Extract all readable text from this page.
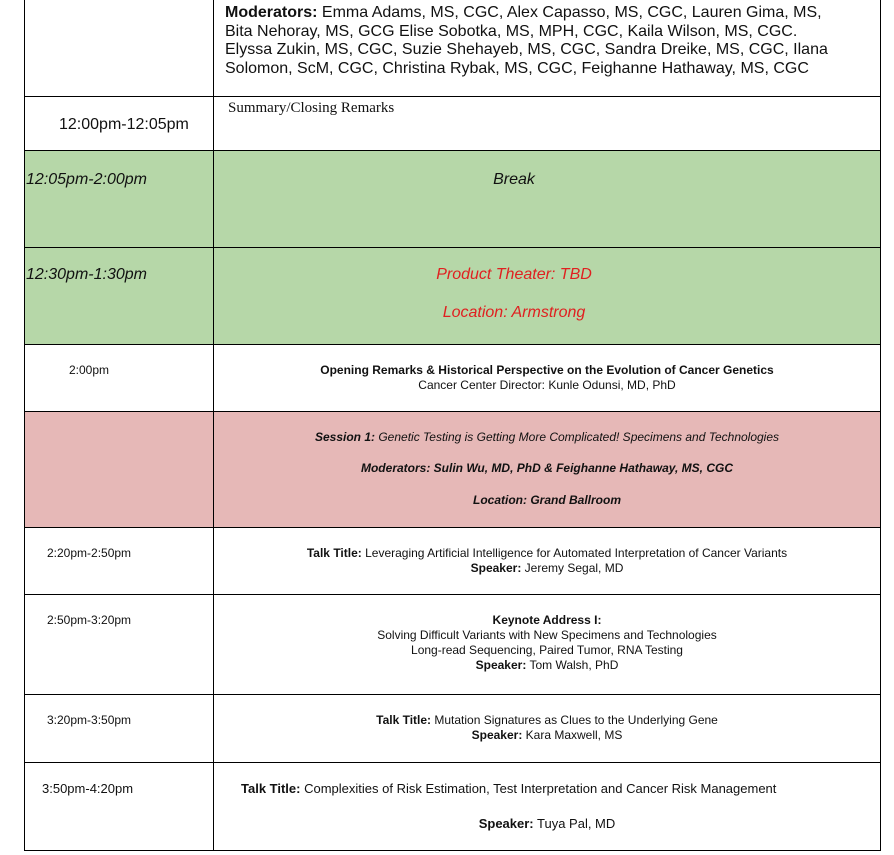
	Moderators: Emma Adams, MS, CGC, Alex Capasso, MS, CGC, Lauren Gima, MS, Bita Nehoray, MS, GCG Elise Sobotka, MS, MPH, CGC, Kaila Wilson, MS, CGC. Elyssa Zukin, MS, CGC, Suzie Shehayeb, MS, CGC, Sandra Dreike, MS, CGC, Ilana Solomon, ScM, CGC, Christina Rybak, MS, CGC, Feighanne Hathaway, MS, CGC

12:00pm-12:05pm	Summary/Closing Remarks

12:05pm-2:00pm	Break

12:30pm-1:30pm	Product Theater: TBD
Location: Armstrong

2:00pm	Opening Remarks & Historical Perspective on the Evolution of Cancer Genetics
Cancer Center Director: Kunle Odunsi, MD, PhD

	Session 1: Genetic Testing is Getting More Complicated! Specimens and Technologies
Moderators: Sulin Wu, MD, PhD & Feighanne Hathaway, MS, CGC
Location: Grand Ballroom

2:20pm-2:50pm	Talk Title: Leveraging Artificial Intelligence for Automated Interpretation of Cancer Variants
Speaker: Jeremy Segal, MD

2:50pm-3:20pm	Keynote Address I:
Solving Difficult Variants with New Specimens and Technologies
Long-read Sequencing, Paired Tumor, RNA Testing
Speaker: Tom Walsh, PhD

3:20pm-3:50pm	Talk Title: Mutation Signatures as Clues to the Underlying Gene
Speaker: Kara Maxwell, MS

3:50pm-4:20pm	Talk Title: Complexities of Risk Estimation, Test Interpretation and Cancer Risk Management
Speaker: Tuya Pal, MD
